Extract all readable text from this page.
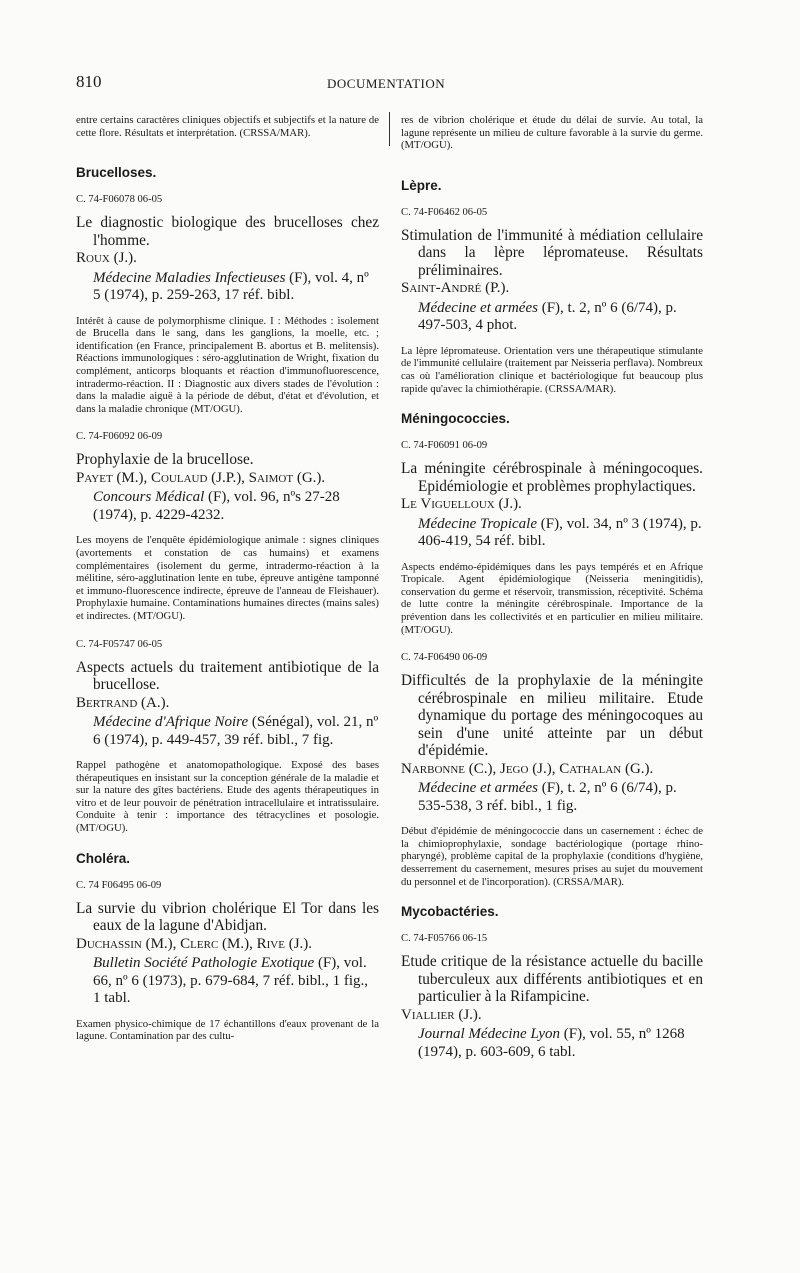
810	DOCUMENTATION

entre certains caractères cliniques objectifs et subjectifs et la nature de cette flore. Résultats et interprétation. (CRSSA/MAR).

Brucelloses.

C. 74-F06078 06-05

Le diagnostic biologique des brucelloses chez l'homme.

Roux (J.).

Médecine Maladies Infectieuses (F), vol. 4, nº 5 (1974), p. 259-263, 17 réf. bibl.

Intérêt à cause de polymorphisme clinique. I : Méthodes : isolement de Brucella dans le sang, dans les ganglions, la moelle, etc. ; identification (en France, principalement B. abortus et B. melitensis). Réactions immunologiques : séro-agglutination de Wright, fixation du complément, anticorps bloquants et réaction d'immunofluorescence, intradermo-réaction. II : Diagnostic aux divers stades de l'évolution : dans la maladie aiguë à la période de début, d'état et d'évolution, et dans la maladie chronique (MT/OGU).

C. 74-F06092 06-09

Prophylaxie de la brucellose.

Payet (M.), Coulaud (J.P.), Saimot (G.).

Concours Médical (F), vol. 96, nºs 27-28 (1974), p. 4229-4232.

Les moyens de l'enquête épidémiologique animale : signes cliniques (avortements et constation de cas humains) et examens complémentaires (isolement du germe, intradermo-réaction à la mélitine, séro-agglutination lente en tube, épreuve antigène tamponné et immuno-fluorescence indirecte, épreuve de l'anneau de Fleishauer). Prophylaxie humaine. Contaminations humaines directes (mains sales) et indirectes. (MT/OGU).

C. 74-F05747 06-05

Aspects actuels du traitement antibiotique de la brucellose.

Bertrand (A.).

Médecine d'Afrique Noire (Sénégal), vol. 21, nº 6 (1974), p. 449-457, 39 réf. bibl., 7 fig.

Rappel pathogène et anatomopathologique. Exposé des bases thérapeutiques en insistant sur la conception générale de la maladie et sur la nature des gîtes bactériens. Etude des agents thérapeutiques in vitro et de leur pouvoir de pénétration intracellulaire et intratissulaire. Conduite à tenir : importance des tétracyclines et posologie. (MT/OGU).

Choléra.

C. 74 F06495 06-09

La survie du vibrion cholérique El Tor dans les eaux de la lagune d'Abidjan.

Duchassin (M.), Clerc (M.), Rive (J.).

Bulletin Société Pathologie Exotique (F), vol. 66, nº 6 (1973), p. 679-684, 7 réf. bibl., 1 fig., 1 tabl.

Examen physico-chimique de 17 échantillons d'eaux provenant de la lagune. Contamination par des cultu-

res de vibrion cholérique et étude du délai de survie. Au total, la lagune représente un milieu de culture favorable à la survie du germe. (MT/OGU).

Lèpre.

C. 74-F06462 06-05

Stimulation de l'immunité à médiation cellulaire dans la lèpre lépromateuse. Résultats préliminaires.

Saint-André (P.).

Médecine et armées (F), t. 2, nº 6 (6/74), p. 497-503, 4 phot.

La lèpre lépromateuse. Orientation vers une thérapeutique stimulante de l'immunité cellulaire (traitement par Neisseria perflava). Nombreux cas où l'amélioration clinique et bactériologique fut beaucoup plus rapide qu'avec la chimiothérapie. (CRSSA/MAR).

Méningococcies.

C. 74-F06091 06-09

La méningite cérébrospinale à méningocoques. Epidémiologie et problèmes prophylactiques.

Le Viguelloux (J.).

Médecine Tropicale (F), vol. 34, nº 3 (1974), p. 406-419, 54 réf. bibl.

Aspects endémo-épidémiques dans les pays tempérés et en Afrique Tropicale. Agent épidémiologique (Neisseria meningitidis), conservation du germe et réservoir, transmission, réceptivité. Schéma de lutte contre la méningite cérébrospinale. Importance de la prévention dans les collectivités et en particulier en milieu militaire. (MT/OGU).

C. 74-F06490 06-09

Difficultés de la prophylaxie de la méningite cérébrospinale en milieu militaire. Etude dynamique du portage des méningocoques au sein d'une unité atteinte par un début d'épidémie.

Narbonne (C.), Jego (J.), Cathalan (G.).

Médecine et armées (F), t. 2, nº 6 (6/74), p. 535-538, 3 réf. bibl., 1 fig.

Début d'épidémie de méningococcie dans un casernement : échec de la chimioprophylaxie, sondage bactériologique (portage rhino-pharyngé), problème capital de la prophylaxie (conditions d'hygiène, desserrement du casernement, mesures prises au sujet du mouvement du personnel et de l'incorporation). (CRSSA/MAR).

Mycobactéries.

C. 74-F05766 06-15

Etude critique de la résistance actuelle du bacille tuberculeux aux différents antibiotiques et en particulier à la Rifampicine.

Viallier (J.).

Journal Médecine Lyon (F), vol. 55, nº 1268 (1974), p. 603-609, 6 tabl.
